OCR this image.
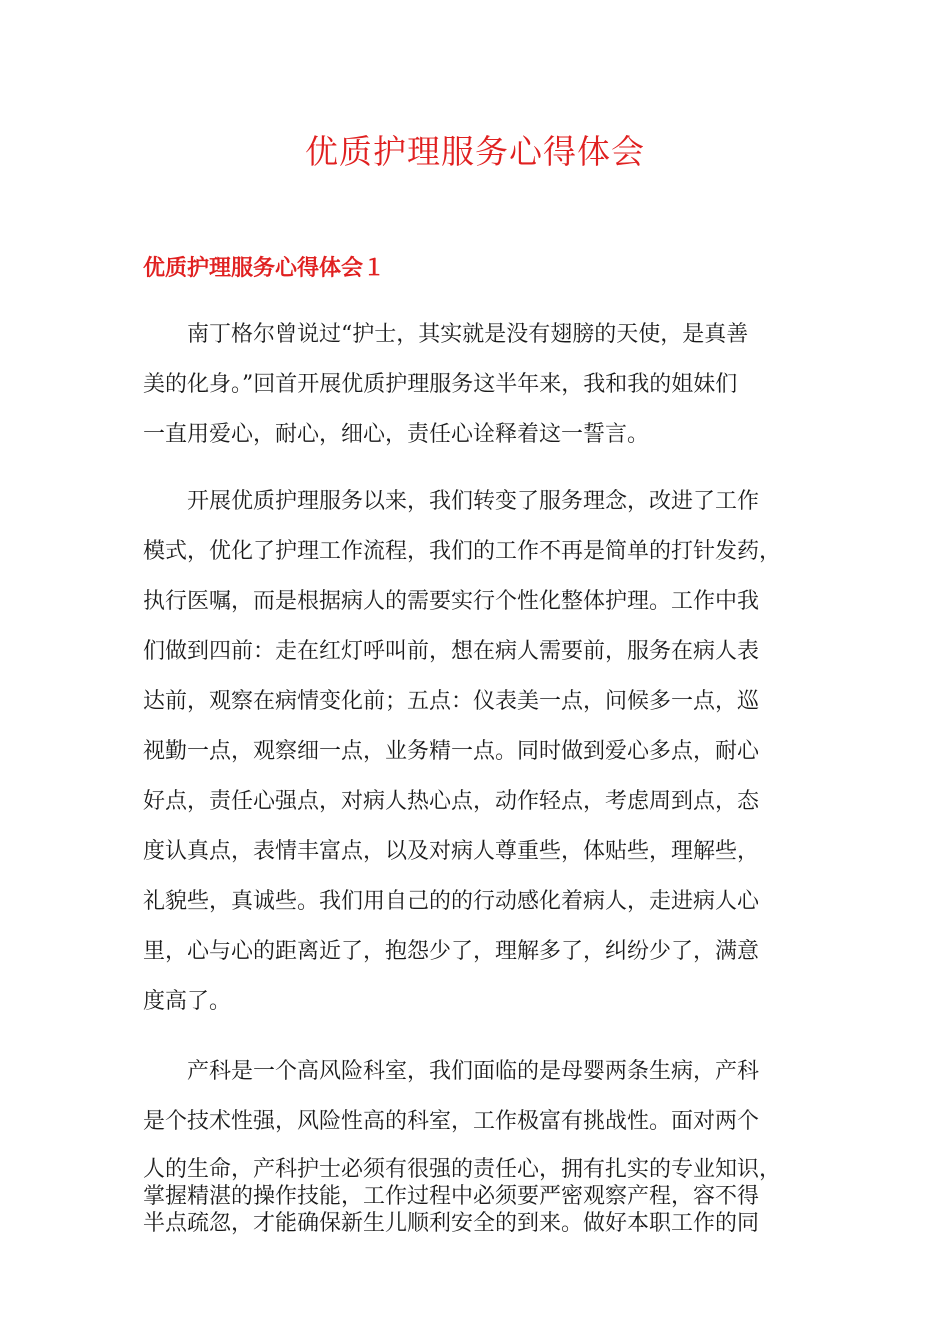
优质护理服务心得体会
优质护理服务心得体会１

南丁格尔曾说过“护士，其实就是没有翅膀的天使，是真善

美的化身。”回首开展优质护理服务这半年来，我和我的姐妹们

一直用爱心，耐心，细心，责任心诠释着这一誓言。

开展优质护理服务以来，我们转变了服务理念，改进了工作

模式，优化了护理工作流程，我们的工作不再是简单的打针发药，

执行医嘱，而是根据病人的需要实行个性化整体护理。工作中我

们做到四前：走在红灯呼叫前，想在病人需要前，服务在病人表

达前，观察在病情变化前；五点：仪表美一点，问候多一点，巡

视勤一点，观察细一点，业务精一点。同时做到爱心多点，耐心

好点，责任心强点，对病人热心点，动作轻点，考虑周到点，态

度认真点，表情丰富点，以及对病人尊重些，体贴些，理解些，

礼貌些，真诚些。我们用自己的的行动感化着病人，走进病人心

里，心与心的距离近了，抱怨少了，理解多了，纠纷少了，满意

度高了。

产科是一个高风险科室，我们面临的是母婴两条生病，产科

是个技术性强，风险性高的科室，工作极富有挑战性。面对两个

人的生命，产科护士必须有很强的责任心，拥有扎实的专业知识，

掌握精湛的操作技能，工作过程中必须要严密观察产程，容不得

半点疏忽，才能确保新生儿顺利安全的到来。做好本职工作的同
